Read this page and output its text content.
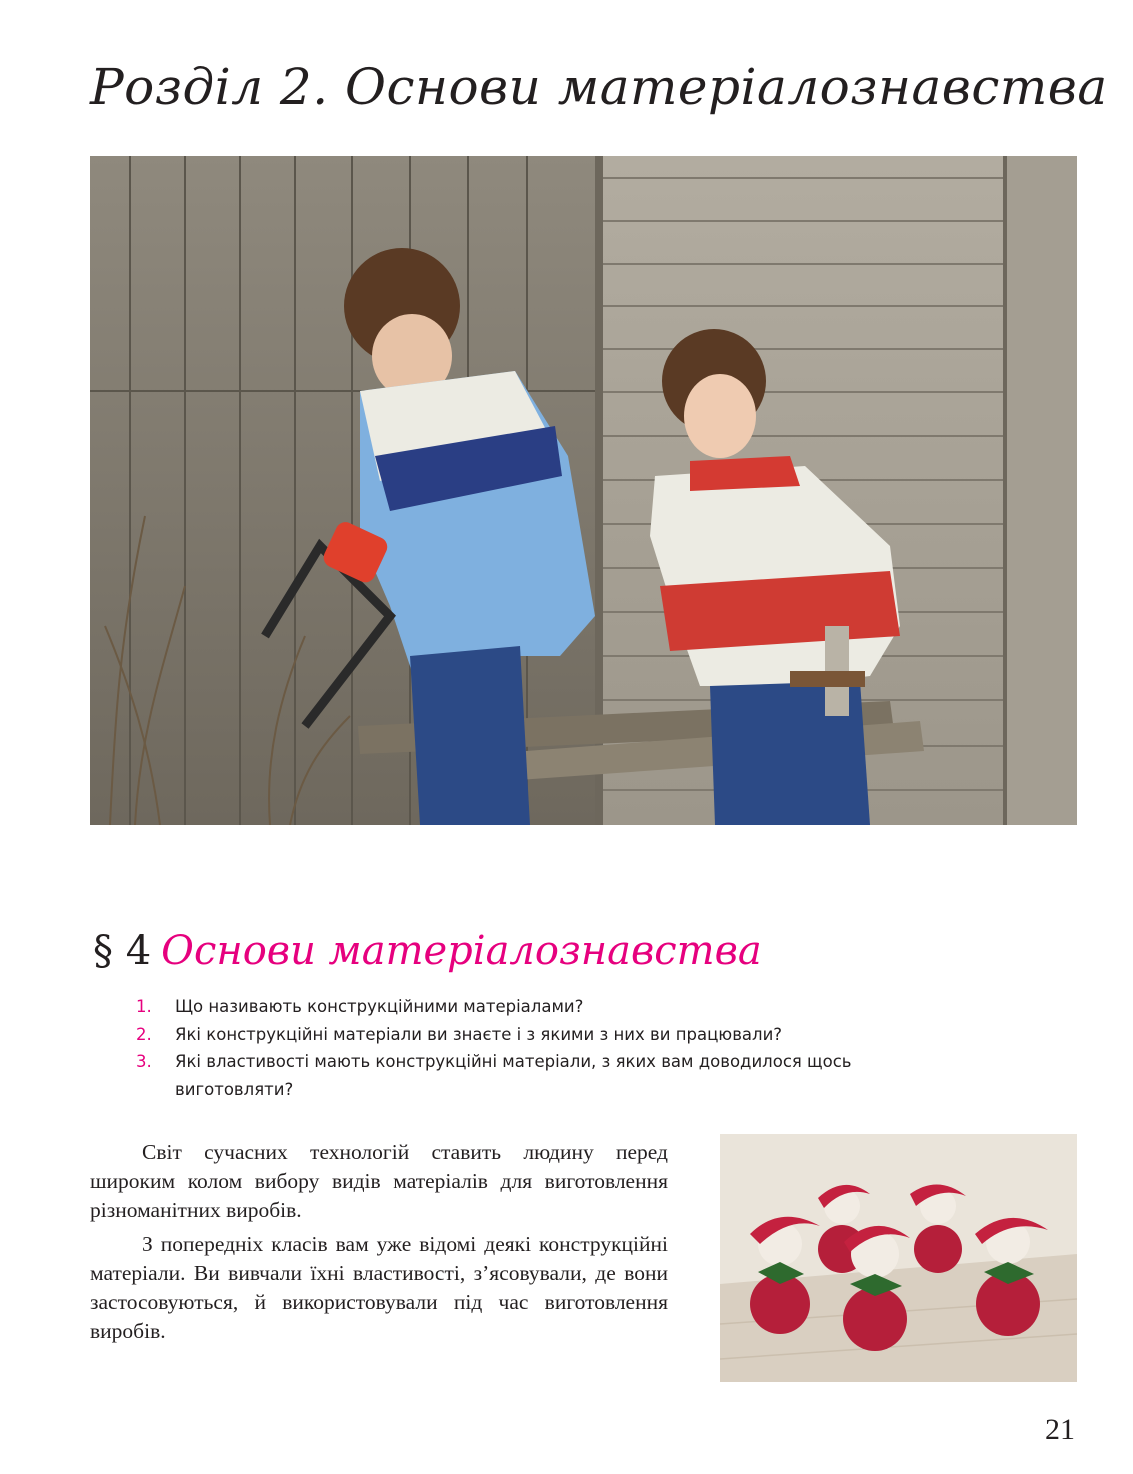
Розділ 2. Основи матеріалознавства
§ 4 Основи матеріалознавства
1. Що називають конструкційними матеріалами?
2. Які конструкційні матеріали ви знаєте і з якими з них ви працювали?
3. Які властивості мають конструкційні матеріали, з яких вам доводилося щось виготовляти?

Світ сучасних технологій ставить людину перед широким колом вибору видів матеріалів для виготовлення різноманітних виробів.

З попередніх класів вам уже відомі деякі конструкційні матеріали. Ви вивчали їхні властивості, з’ясовували, де вони застосовуються, й використовували під час виготовлення виробів.

21
